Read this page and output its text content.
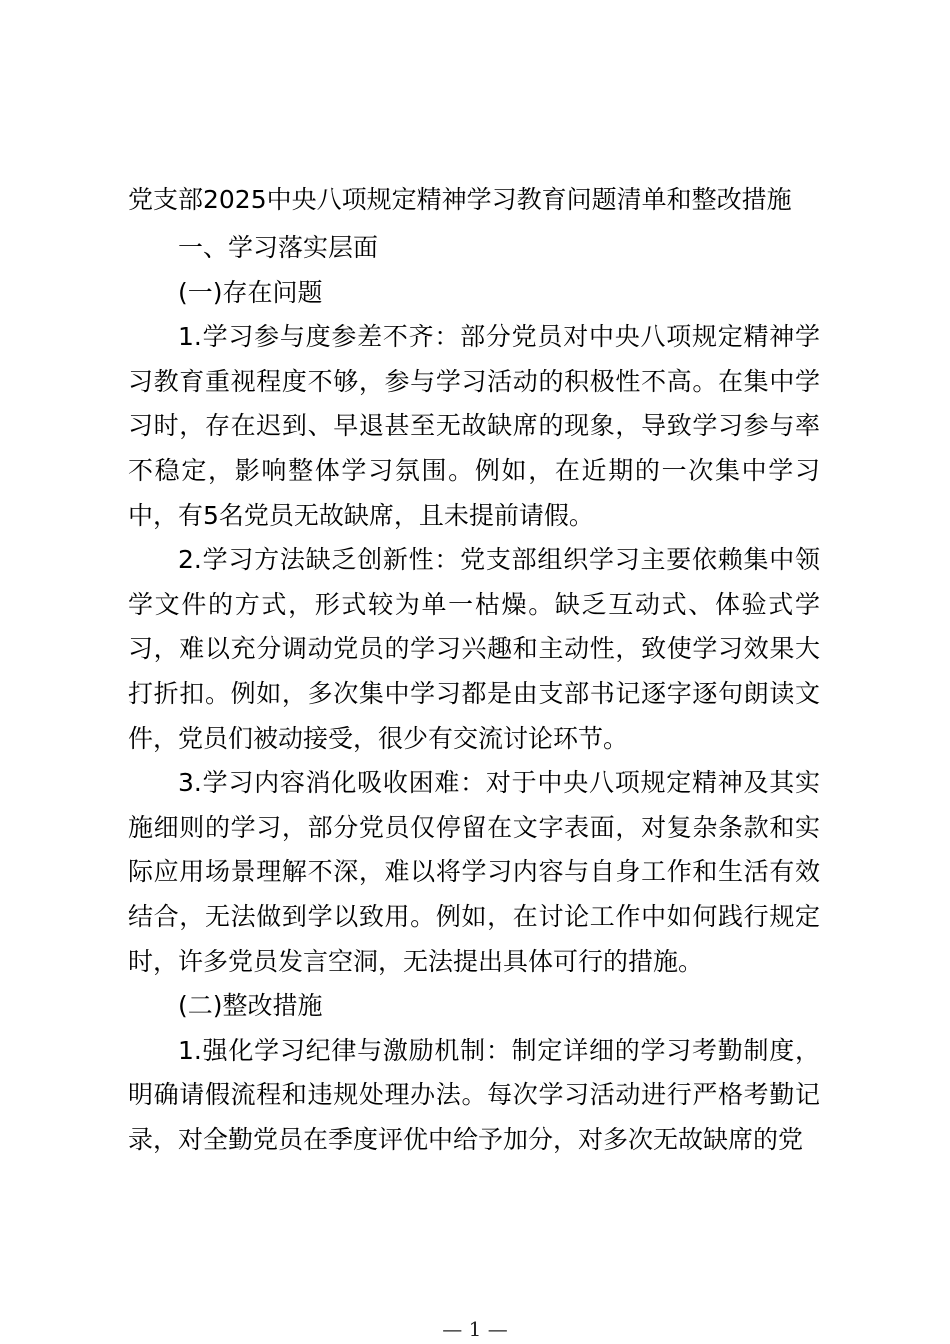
党支部2025中央八项规定精神学习教育问题清单和整改措施

一、学习落实层面

(一)存在问题

1.学习参与度参差不齐：部分党员对中央八项规定精神学习教育重视程度不够，参与学习活动的积极性不高。在集中学习时，存在迟到、早退甚至无故缺席的现象，导致学习参与率不稳定，影响整体学习氛围。例如，在近期的一次集中学习中，有5名党员无故缺席，且未提前请假。

2.学习方法缺乏创新性：党支部组织学习主要依赖集中领学文件的方式，形式较为单一枯燥。缺乏互动式、体验式学习，难以充分调动党员的学习兴趣和主动性，致使学习效果大打折扣。例如，多次集中学习都是由支部书记逐字逐句朗读文件，党员们被动接受，很少有交流讨论环节。

3.学习内容消化吸收困难：对于中央八项规定精神及其实施细则的学习，部分党员仅停留在文字表面，对复杂条款和实际应用场景理解不深，难以将学习内容与自身工作和生活有效结合，无法做到学以致用。例如，在讨论工作中如何践行规定时，许多党员发言空洞，无法提出具体可行的措施。

(二)整改措施

1.强化学习纪律与激励机制：制定详细的学习考勤制度，明确请假流程和违规处理办法。每次学习活动进行严格考勤记录，对全勤党员在季度评优中给予加分，对多次无故缺席的党

— 1 —
